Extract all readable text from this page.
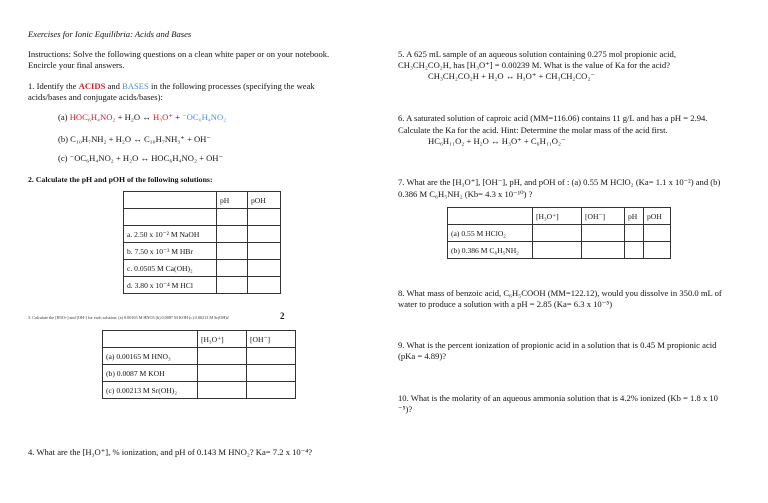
Exercises for Ionic Equilibria: Acids and Bases
Instructions: Solve the following questions on a clean white paper or on your notebook.
Encircle your final answers.
1. Identify the ACIDS and BASES in the following processes (specifying the weak
acids/bases and conjugate acids/bases):
(a) HOC₆H₄NO₂ + H₂O ↔ H₃O⁺ + ⁻OC₆H₄NO₂
(b) C₁₀H₇NH₂ + H₂O ↔ C₁₀H₇NH₃⁺ + OH⁻
(c) ⁻OC₆H₄NO₂ + H₂O ↔ HOC₆H₄NO₂ + OH⁻
2. Calculate the pH and pOH of the following solutions:
	pH	pOH

a. 2.50 x 10⁻² M NaOH		
b. 7.50 x 10⁻³ M HBr		
c. 0.0505 M Ca(OH)₂		
d. 3.80 x 10⁻⁴ M HCl		
3. Calculate the [H3O+] and [OH-] for each solution: (a) 0.00165 M HNO3 (b) 0.0087 M KOH (c) 0.00213 M Sr(OH)2	2
	[H₃O⁺]	[OH⁻]
(a) 0.00165 M HNO₃		
(b) 0.0087 M KOH		
(c) 0.00213 M Sr(OH)₂		
4. What are the [H₃O⁺], % ionization, and pH of 0.143 M HNO₂? Ka= 7.2 x 10⁻⁴?
5. A 625 mL sample of an aqueous solution containing 0.275 mol propionic acid,
CH₃CH₂CO₂H, has [H₃O⁺] = 0.00239 M. What is the value of Ka for the acid?
CH₃CH₂CO₂H + H₂O ↔ H₃O⁺ + CH₃CH₂CO₂⁻
6. A saturated solution of caproic acid (MM=116.06) contains 11 g/L and has a pH = 2.94.
Calculate the Ka for the acid. Hint: Determine the molar mass of the acid first.
HC₆H₁₁O₂ + H₂O ↔ H₃O⁺ + C₆H₁₁O₂⁻
7. What are the [H₃O⁺], [OH⁻], pH, and pOH of : (a) 0.55 M HClO₂ (Ka= 1.1 x 10⁻²) and (b)
0.386 M C₆H₅NH₂ (Kb= 4.3 x 10⁻¹⁰) ?
	[H₃O⁺]	[OH⁻]	pH	pOH
(a) 0.55 M HClO₂				
(b) 0.386 M C₆H₅NH₂				
8. What mass of benzoic acid, C₆H₅COOH (MM=122.12), would you dissolve in 350.0 mL of
water to produce a solution with a pH = 2.85 (Ka= 6.3 x 10⁻⁵)
9. What is the percent ionization of propionic acid in a solution that is 0.45 M propionic acid
(pKa = 4.89)?
10. What is the molarity of an aqueous ammonia solution that is 4.2% ionized (Kb = 1.8 x 10
⁻⁵)?
